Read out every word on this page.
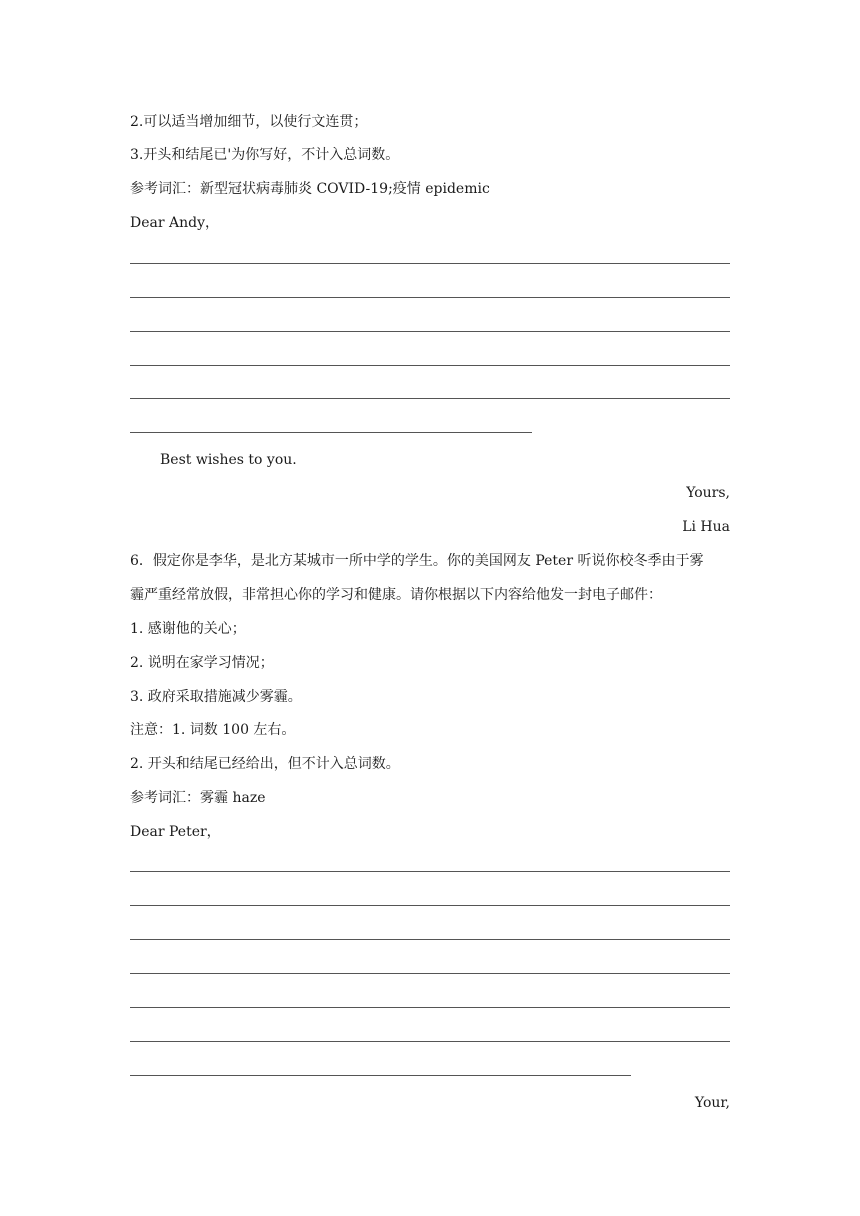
2.可以适当增加细节，以使行文连贯；
3.开头和结尾已'为你写好，不计入总词数。
参考词汇：新型冠状病毒肺炎 COVID-19;疫情 epidemic
Dear Andy，
Best wishes to you.
Yours,
Li Hua
6．假定你是李华，是北方某城市一所中学的学生。你的美国网友 Peter 听说你校冬季由于雾
霾严重经常放假，非常担心你的学习和健康。请你根据以下内容给他发一封电子邮件：
1. 感谢他的关心；
2. 说明在家学习情况；
3. 政府采取措施减少雾霾。
注意：1. 词数 100 左右。
2. 开头和结尾已经给出，但不计入总词数。
参考词汇：雾霾 haze
Dear Peter，
Your,
